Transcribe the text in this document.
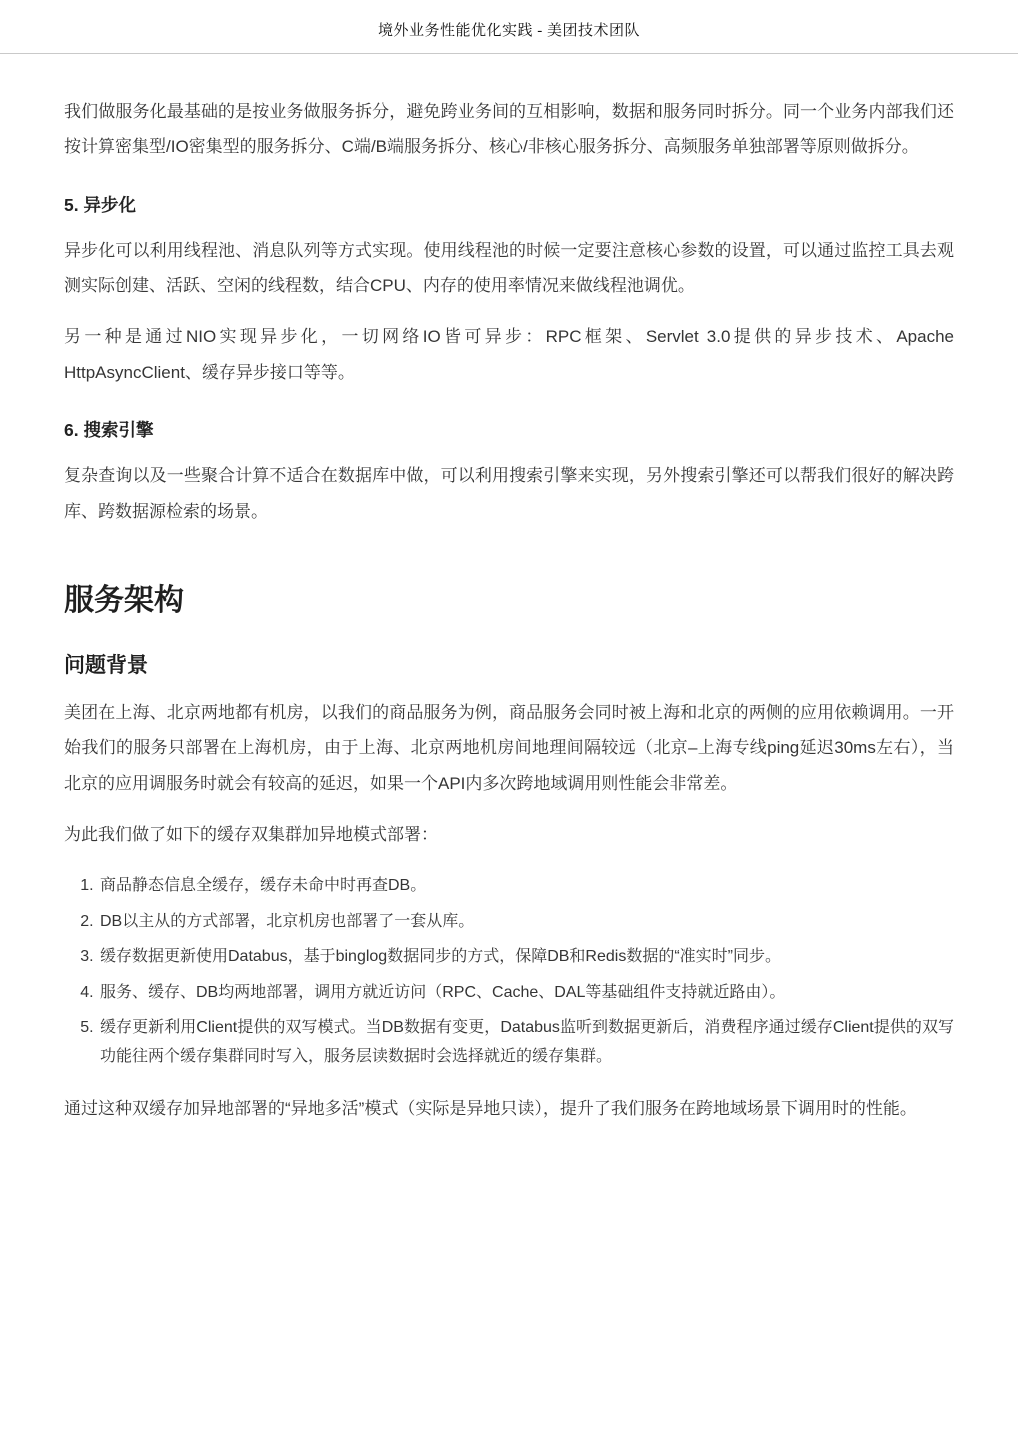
境外业务性能优化实践 - 美团技术团队

我们做服务化最基础的是按业务做服务拆分，避免跨业务间的互相影响，数据和服务同时拆分。同一个业务内部我们还按计算密集型/IO密集型的服务拆分、C端/B端服务拆分、核心/非核心服务拆分、高频服务单独部署等原则做拆分。

5. 异步化

异步化可以利用线程池、消息队列等方式实现。使用线程池的时候一定要注意核心参数的设置，可以通过监控工具去观测实际创建、活跃、空闲的线程数，结合CPU、内存的使用率情况来做线程池调优。

另一种是通过NIO实现异步化，一切网络IO皆可异步：RPC框架、Servlet 3.0提供的异步技术、Apache HttpAsyncClient、缓存异步接口等等。

6. 搜索引擎

复杂查询以及一些聚合计算不适合在数据库中做，可以利用搜索引擎来实现，另外搜索引擎还可以帮我们很好的解决跨库、跨数据源检索的场景。

服务架构
问题背景

美团在上海、北京两地都有机房，以我们的商品服务为例，商品服务会同时被上海和北京的两侧的应用依赖调用。一开始我们的服务只部署在上海机房，由于上海、北京两地机房间地理间隔较远（北京–上海专线ping延迟30ms左右），当北京的应用调服务时就会有较高的延迟，如果一个API内多次跨地域调用则性能会非常差。

为此我们做了如下的缓存双集群加异地模式部署：

1. 商品静态信息全缓存，缓存未命中时再查DB。
2. DB以主从的方式部署，北京机房也部署了一套从库。
3. 缓存数据更新使用Databus，基于binglog数据同步的方式，保障DB和Redis数据的“准实时”同步。
4. 服务、缓存、DB均两地部署，调用方就近访问（RPC、Cache、DAL等基础组件支持就近路由）。
5. 缓存更新利用Client提供的双写模式。当DB数据有变更，Databus监听到数据更新后，消费程序通过缓存Client提供的双写功能往两个缓存集群同时写入，服务层读数据时会选择就近的缓存集群。

通过这种双缓存加异地部署的“异地多活”模式（实际是异地只读），提升了我们服务在跨地域场景下调用时的性能。
